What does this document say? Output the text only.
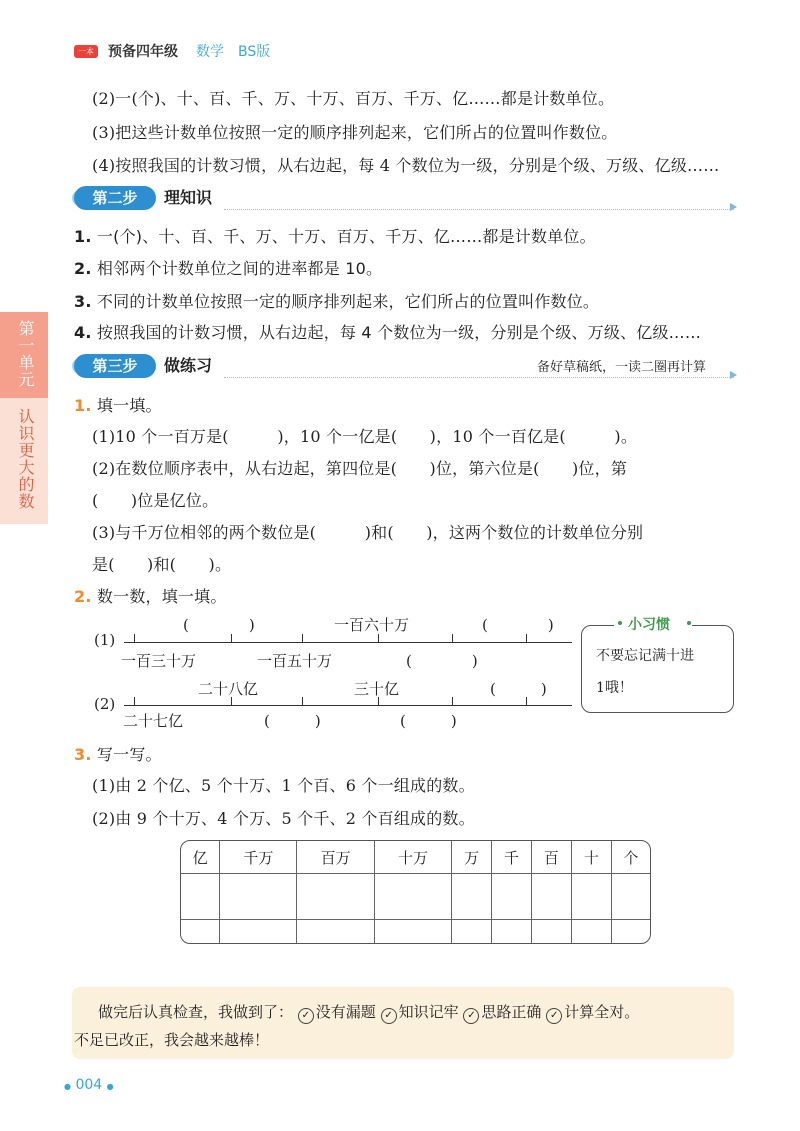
一本 预备四年级 数学 BS版
(2)一(个)、十、百、千、万、十万、百万、千万、亿……都是计数单位。
(3)把这些计数单位按照一定的顺序排列起来，它们所占的位置叫作数位。
(4)按照我国的计数习惯，从右边起，每 4 个数位为一级，分别是个级、万级、亿级……
第二步	理知识
1. 一(个)、十、百、千、万、十万、百万、千万、亿……都是计数单位。
2. 相邻两个计数单位之间的进率都是 10。
3. 不同的计数单位按照一定的顺序排列起来，它们所占的位置叫作数位。
4. 按照我国的计数习惯，从右边起，每 4 个数位为一级，分别是个级、万级、亿级……
第一单元
认识更大的数
第三步	做练习	备好草稿纸，一读二圈再计算
1. 填一填。
(1)10 个一百万是(　　　)，10 个一亿是(　　)，10 个一百亿是(　　　)。
(2)在数位顺序表中，从右边起，第四位是(　　)位，第六位是(　　)位，第
(　　)位是亿位。
(3)与千万位相邻的两个数位是(　　　)和(　　)，这两个数位的计数单位分别
是(　　)和(　　)。
2. 数一数，填一填。
(1)
(　　　　)	一百六十万	(　　　　)
一百三十万	一百五十万	(　　　　)
(2)
二十八亿	三十亿	(　　　)
二十七亿	(　　　)	(　　　)
小习惯
不要忘记满十进
1哦！
3. 写一写。
(1)由 2 个亿、5 个十万、1 个百、6 个一组成的数。
(2)由 9 个十万、4 个万、5 个千、2 个百组成的数。
亿	千万	百万	十万	万	千	百	十	个

做完后认真检查，我做到了： ✓ 没有漏题 ✓ 知识记牢 ✓ 思路正确 ✓ 计算全对。
不足已改正，我会越来越棒！
● 004 ●
